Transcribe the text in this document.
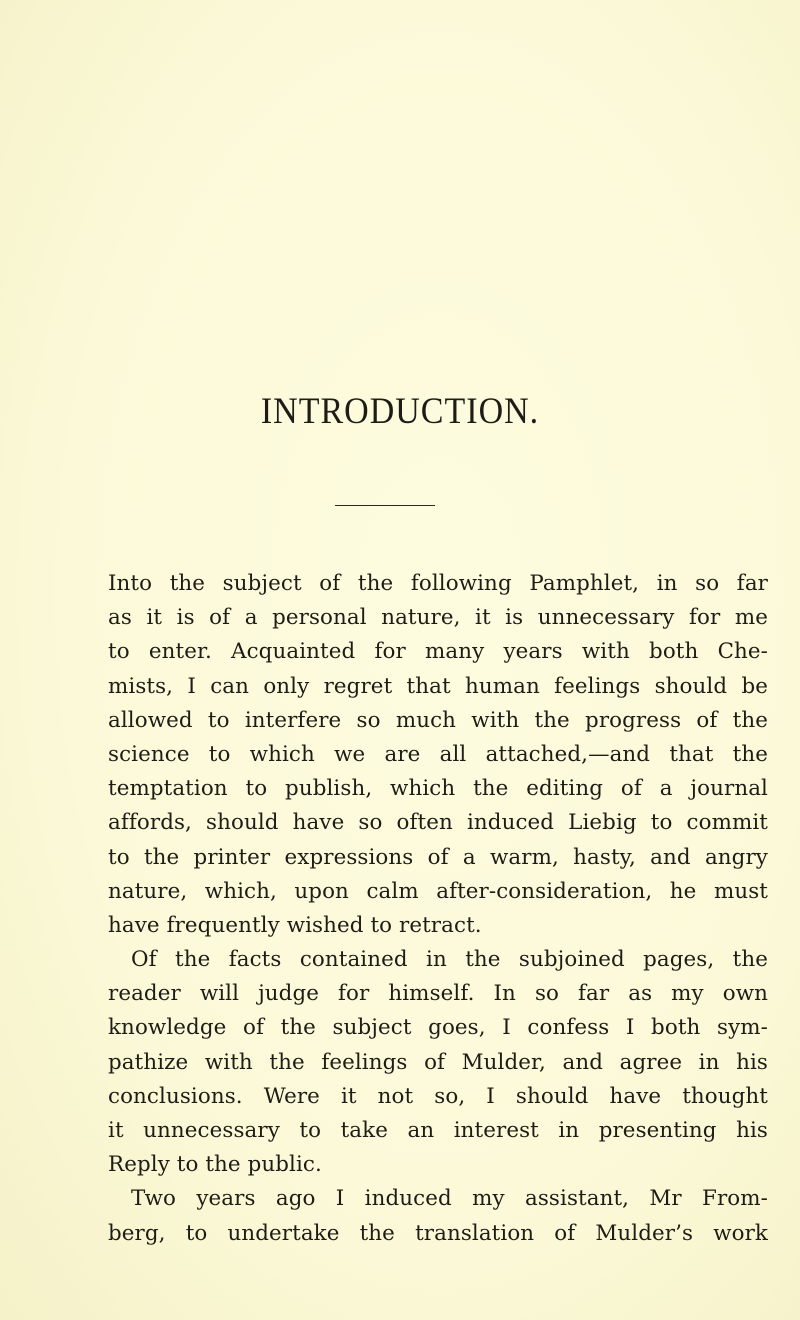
INTRODUCTION.
Into the subject of the following Pamphlet, in so far
as it is of a personal nature, it is unnecessary for me
to enter. Acquainted for many years with both Che-
mists, I can only regret that human feelings should be
allowed to interfere so much with the progress of the
science to which we are all attached,—and that the
temptation to publish, which the editing of a journal
affords, should have so often induced Liebig to commit
to the printer expressions of a warm, hasty, and angry
nature, which, upon calm after-consideration, he must
have frequently wished to retract.
Of the facts contained in the subjoined pages, the
reader will judge for himself. In so far as my own
knowledge of the subject goes, I confess I both sym-
pathize with the feelings of Mulder, and agree in his
conclusions. Were it not so, I should have thought
it unnecessary to take an interest in presenting his
Reply to the public.
Two years ago I induced my assistant, Mr From-
berg, to undertake the translation of Mulder’s work
